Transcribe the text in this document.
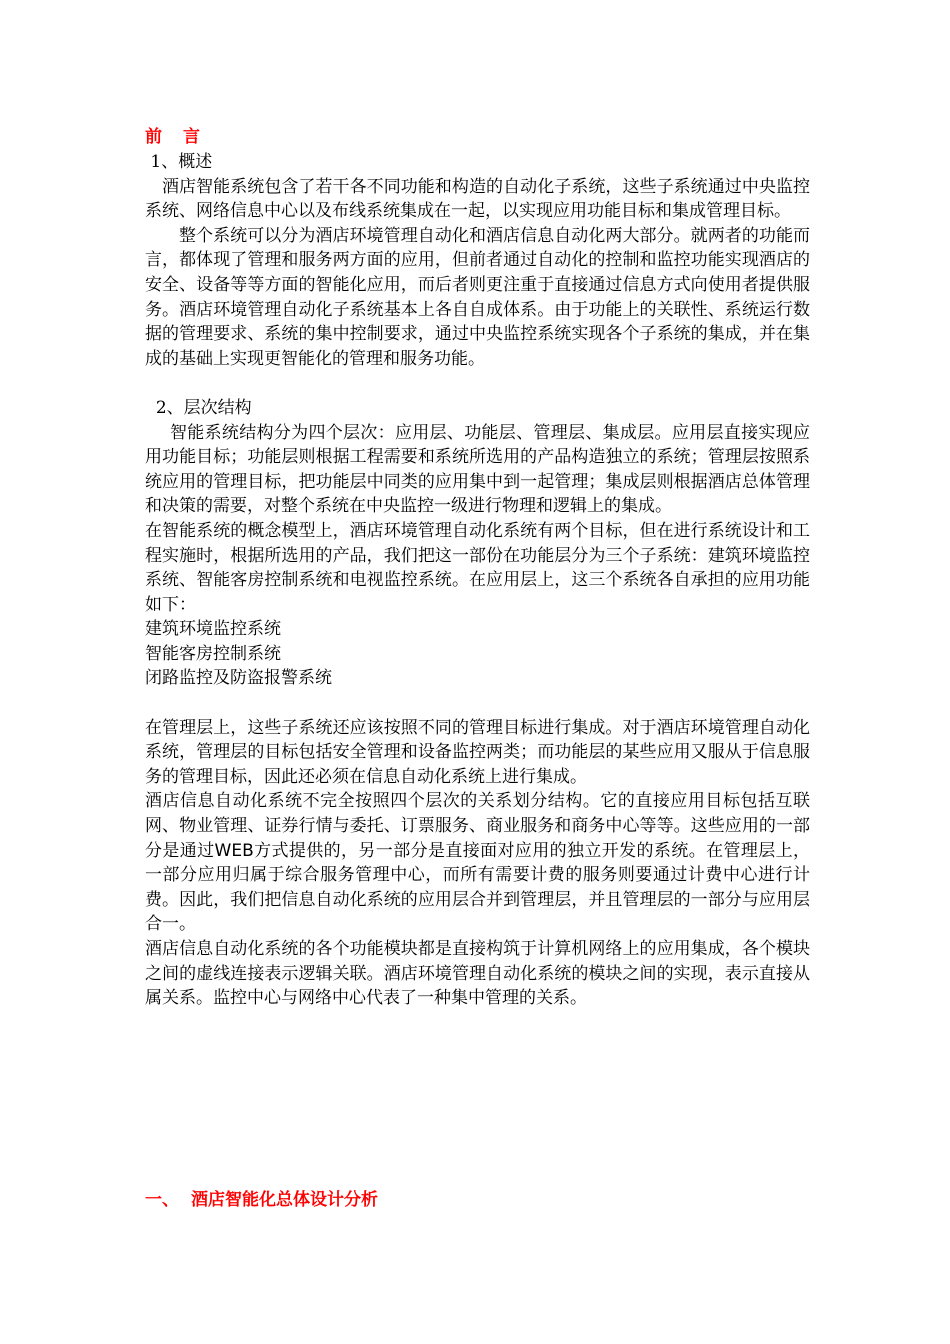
前 言
1、概述

酒店智能系统包含了若干各不同功能和构造的自动化子系统，这些子系统通过中央监控系统、网络信息中心以及布线系统集成在一起，以实现应用功能目标和集成管理目标。

整个系统可以分为酒店环境管理自动化和酒店信息自动化两大部分。就两者的功能而言，都体现了管理和服务两方面的应用，但前者通过自动化的控制和监控功能实现酒店的安全、设备等等方面的智能化应用，而后者则更注重于直接通过信息方式向使用者提供服务。酒店环境管理自动化子系统基本上各自自成体系。由于功能上的关联性、系统运行数据的管理要求、系统的集中控制要求，通过中央监控系统实现各个子系统的集成，并在集成的基础上实现更智能化的管理和服务功能。

2、层次结构

智能系统结构分为四个层次：应用层、功能层、管理层、集成层。应用层直接实现应用功能目标；功能层则根据工程需要和系统所选用的产品构造独立的系统；管理层按照系统应用的管理目标，把功能层中同类的应用集中到一起管理；集成层则根据酒店总体管理和决策的需要，对整个系统在中央监控一级进行物理和逻辑上的集成。

在智能系统的概念模型上，酒店环境管理自动化系统有两个目标，但在进行系统设计和工程实施时，根据所选用的产品，我们把这一部份在功能层分为三个子系统：建筑环境监控系统、智能客房控制系统和电视监控系统。在应用层上，这三个系统各自承担的应用功能如下：

建筑环境监控系统
智能客房控制系统
闭路监控及防盗报警系统

在管理层上，这些子系统还应该按照不同的管理目标进行集成。对于酒店环境管理自动化系统，管理层的目标包括安全管理和设备监控两类；而功能层的某些应用又服从于信息服务的管理目标，因此还必须在信息自动化系统上进行集成。

酒店信息自动化系统不完全按照四个层次的关系划分结构。它的直接应用目标包括互联网、物业管理、证券行情与委托、订票服务、商业服务和商务中心等等。这些应用的一部分是通过WEB方式提供的，另一部分是直接面对应用的独立开发的系统。在管理层上，一部分应用归属于综合服务管理中心，而所有需要计费的服务则要通过计费中心进行计费。因此，我们把信息自动化系统的应用层合并到管理层，并且管理层的一部分与应用层合一。

酒店信息自动化系统的各个功能模块都是直接构筑于计算机网络上的应用集成，各个模块之间的虚线连接表示逻辑关联。酒店环境管理自动化系统的模块之间的实现，表示直接从属关系。监控中心与网络中心代表了一种集中管理的关系。

一、 酒店智能化总体设计分析
